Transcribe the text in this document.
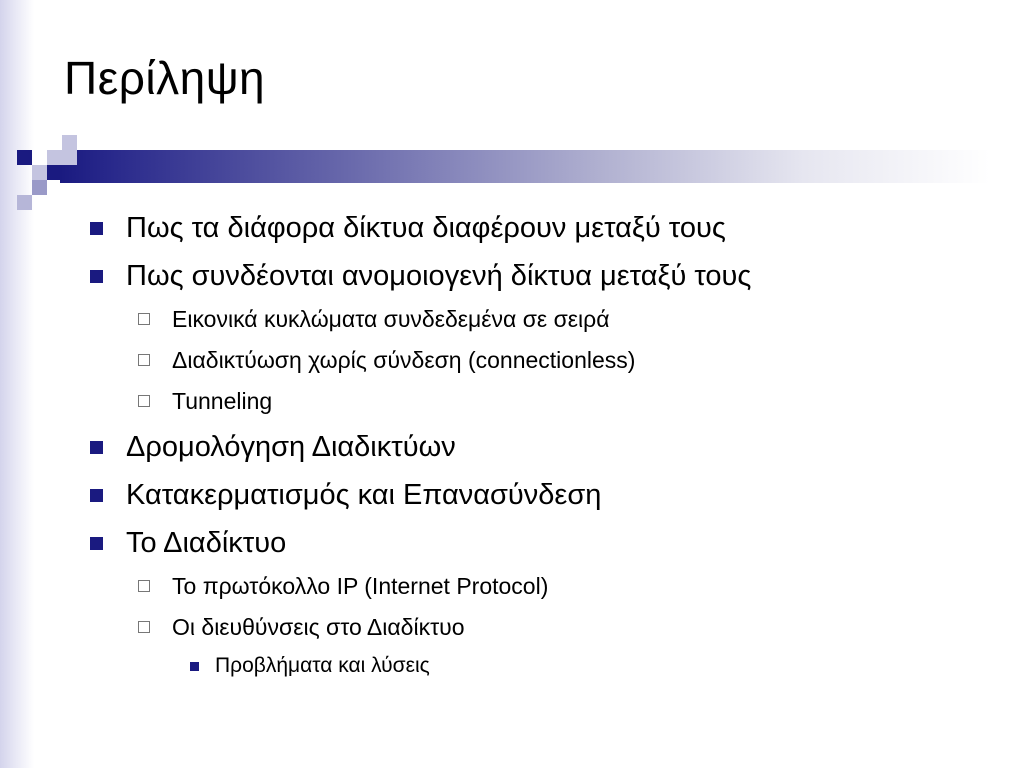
Περίληψη
Πως τα διάφορα δίκτυα διαφέρουν μεταξύ τους
Πως συνδέονται ανομοιογενή δίκτυα μεταξύ τους
Εικονικά κυκλώματα συνδεδεμένα σε σειρά
Διαδικτύωση χωρίς σύνδεση (connectionless)
Tunneling
Δρομολόγηση Διαδικτύων
Κατακερματισμός και Επανασύνδεση
Το Διαδίκτυο
Το πρωτόκολλο IP (Internet Protocol)
Οι διευθύνσεις στο Διαδίκτυο
Προβλήματα και λύσεις
